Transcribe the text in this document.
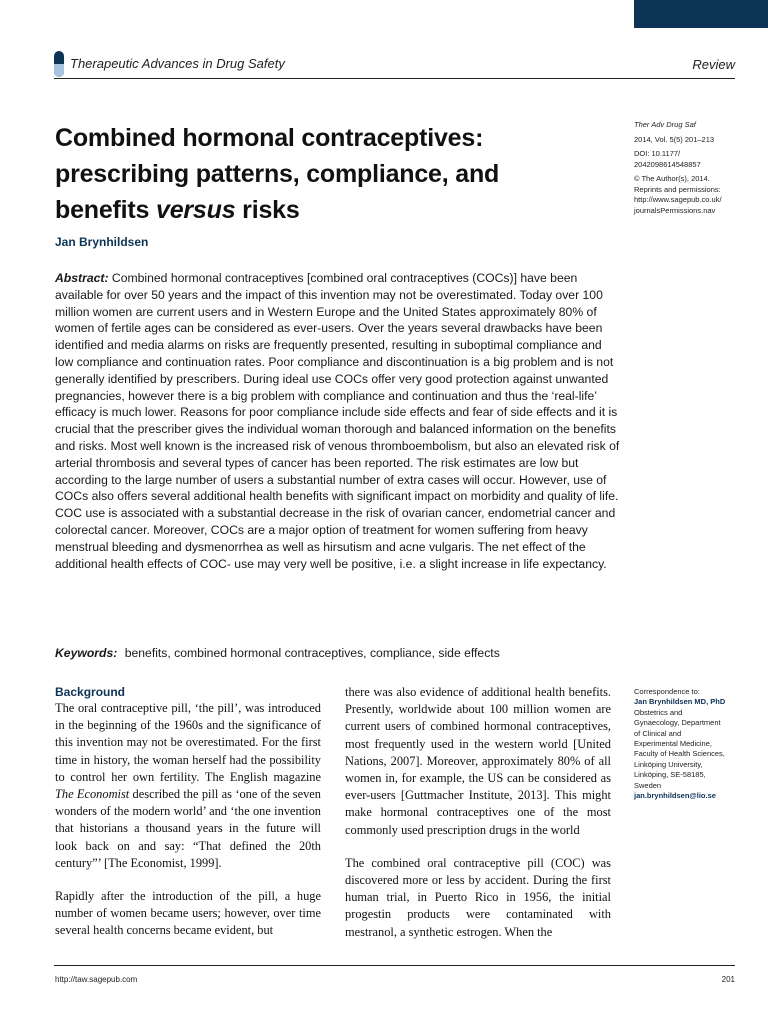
Therapeutic Advances in Drug Safety	Review
Combined hormonal contraceptives:
prescribing patterns, compliance, and
benefits versus risks
Jan Brynhildsen
Ther Adv Drug Saf
2014, Vol. 5(5) 201–213
DOI: 10.1177/
2042098614548857
© The Author(s), 2014.
Reprints and permissions:
http://www.sagepub.co.uk/
journalsPermissions.nav

Abstract: Combined hormonal contraceptives [combined oral contraceptives (COCs)] have been available for over 50 years and the impact of this invention may not be overestimated. Today over 100 million women are current users and in Western Europe and the United States approximately 80% of women of fertile ages can be considered as ever-users. Over the years several drawbacks have been identified and media alarms on risks are frequently presented, resulting in suboptimal compliance and low compliance and continuation rates. Poor compliance and discontinuation is a big problem and is not generally identified by prescribers. During ideal use COCs offer very good protection against unwanted pregnancies, however there is a big problem with compliance and continuation and thus the ‘real-life’ efficacy is much lower. Reasons for poor compliance include side effects and fear of side effects and it is crucial that the prescriber gives the individual woman thorough and balanced information on the benefits and risks. Most well known is the increased risk of venous thromboembolism, but also an elevated risk of arterial thrombosis and several types of cancer has been reported. The risk estimates are low but according to the large number of users a substantial number of extra cases will occur. However, use of COCs also offers several additional health benefits with significant impact on morbidity and quality of life. COC use is associated with a substantial decrease in the risk of ovarian cancer, endometrial cancer and colorectal cancer. Moreover, COCs are a major option of treatment for women suffering from heavy menstrual bleeding and dysmenorrhea as well as hirsutism and acne vulgaris. The net effect of the additional health effects of COC- use may very well be positive, i.e. a slight increase in life expectancy.

Keywords: benefits, combined hormonal contraceptives, compliance, side effects
Background

The oral contraceptive pill, ‘the pill’, was introduced in the beginning of the 1960s and the significance of this invention may not be overestimated. For the first time in history, the woman herself had the possibility to control her own fertility. The English magazine The Economist described the pill as ‘one of the seven wonders of the modern world’ and ‘the one invention that historians a thousand years in the future will look back on and say: “That defined the 20th century”’ [The Economist, 1999].

Rapidly after the introduction of the pill, a huge number of women became users; however, over time several health concerns became evident, but

there was also evidence of additional health benefits. Presently, worldwide about 100 million women are current users of combined hormonal contraceptives, most frequently used in the western world [United Nations, 2007]. Moreover, approximately 80% of all women in, for example, the US can be considered as ever-users [Guttmacher Institute, 2013]. This might make hormonal contraceptives one of the most commonly used prescription drugs in the world

The combined oral contraceptive pill (COC) was discovered more or less by accident. During the first human trial, in Puerto Rico in 1956, the initial progestin products were contaminated with mestranol, a synthetic estrogen. When the

Correspondence to:
Jan Brynhildsen MD, PhD
Obstetrics and
Gynaecology, Department
of Clinical and
Experimental Medicine,
Faculty of Health Sciences,
Linköping University,
Linköping, SE-58185,
Sweden
jan.brynhildsen@lio.se
http://taw.sagepub.com	201
